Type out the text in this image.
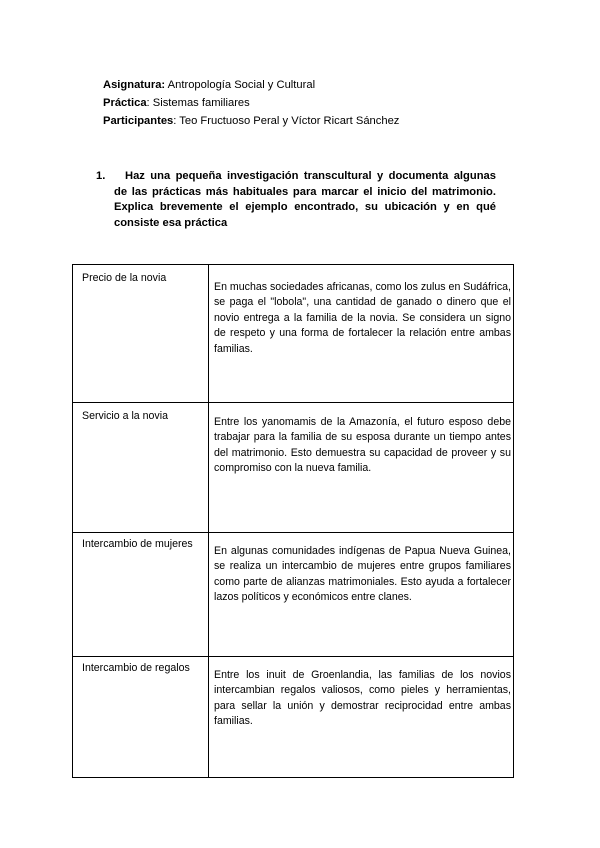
Asignatura: Antropología Social y Cultural
Práctica: Sistemas familiares
Participantes: Teo Fructuoso Peral y Víctor Ricart Sánchez
1.	Haz una pequeña investigación transcultural y documenta algunas de las prácticas más habituales para marcar el inicio del matrimonio. Explica brevemente el ejemplo encontrado, su ubicación y en qué consiste esa práctica
Precio de la novia	En muchas sociedades africanas, como los zulus en Sudáfrica, se paga el "lobola", una cantidad de ganado o dinero que el novio entrega a la familia de la novia. Se considera un signo de respeto y una forma de fortalecer la relación entre ambas familias.
Servicio a la novia	Entre los yanomamis de la Amazonía, el futuro esposo debe trabajar para la familia de su esposa durante un tiempo antes del matrimonio. Esto demuestra su capacidad de proveer y su compromiso con la nueva familia.
Intercambio de mujeres	En algunas comunidades indígenas de Papua Nueva Guinea, se realiza un intercambio de mujeres entre grupos familiares como parte de alianzas matrimoniales. Esto ayuda a fortalecer lazos políticos y económicos entre clanes.
Intercambio de regalos	Entre los inuit de Groenlandia, las familias de los novios intercambian regalos valiosos, como pieles y herramientas, para sellar la unión y demostrar reciprocidad entre ambas familias.
